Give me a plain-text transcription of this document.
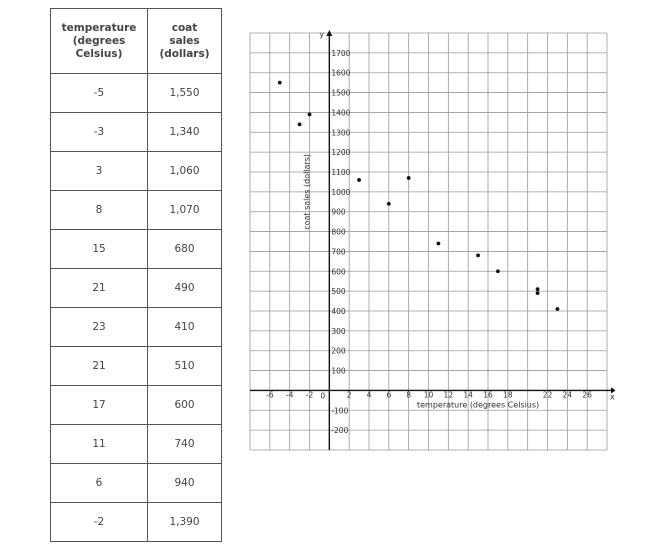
temperature
(degrees
Celsius)	coat
sales
(dollars)
-5	1,550
-3	1,340
3	1,060
8	1,070
15	680
21	490
23	410
21	510
17	600
11	740
6	940
-2	1,390
-6 -4 -2	2 4 6 8 10 12 14 16 18	22 24 26
-200
-100
100
200
300
400
500
600
700
800
900
1000
1100
1200
1300
1400
1500
1600
1700
temperature (degrees Celsius)
coat sales (dollars)
x
y
0
